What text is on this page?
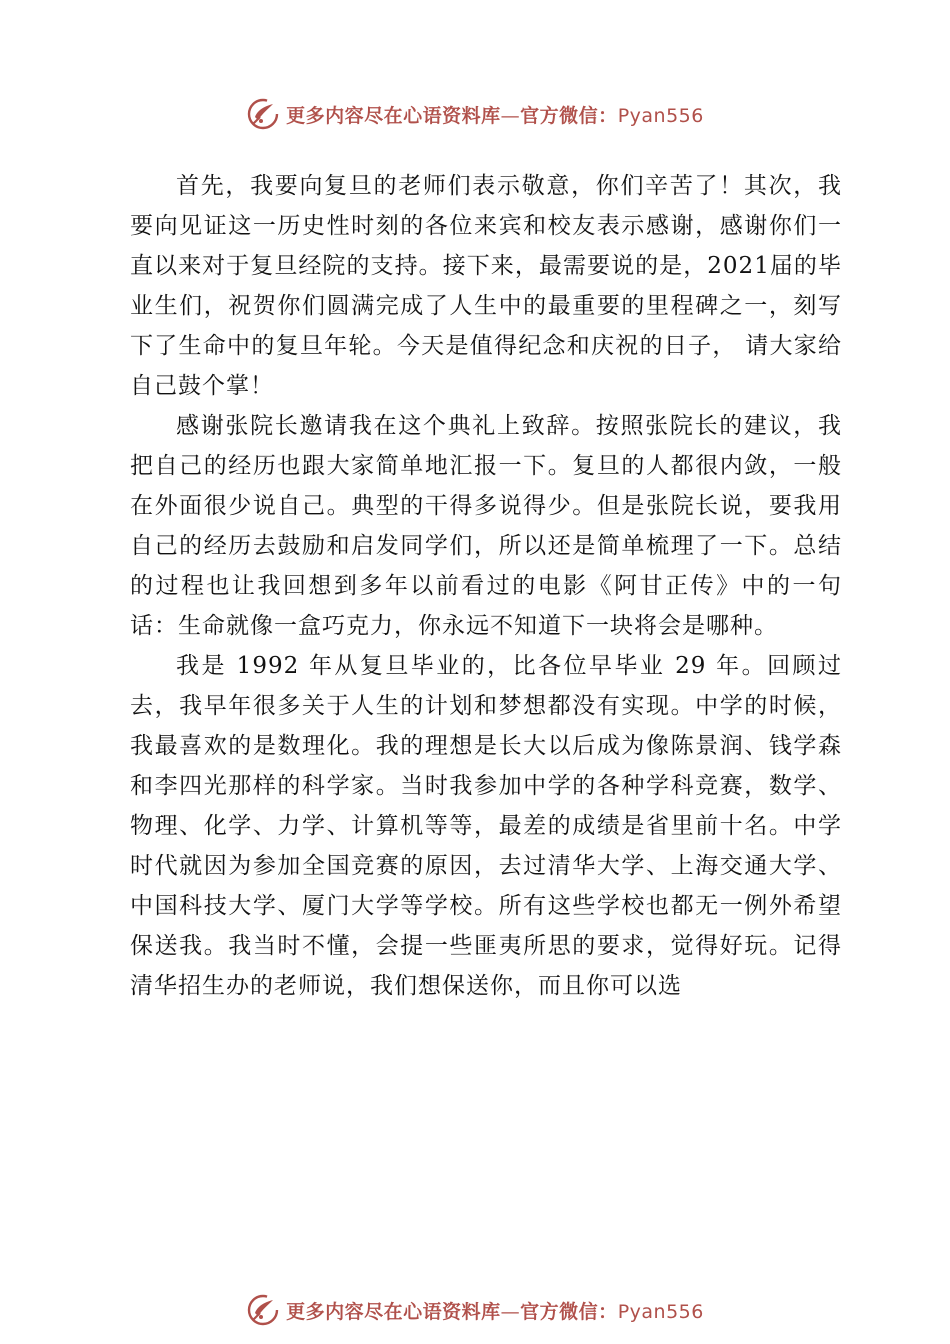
更多内容尽在心语资料库—官方微信：Pyan556

首先，我要向复旦的老师们表示敬意，你们辛苦了！其次，我要向见证这一历史性时刻的各位来宾和校友表示感谢，感谢你们一直以来对于复旦经院的支持。接下来，最需要说的是，2021届的毕业生们，祝贺你们圆满完成了人生中的最重要的里程碑之一，刻写下了生命中的复旦年轮。今天是值得纪念和庆祝的日子， 请大家给自己鼓个掌！

感谢张院长邀请我在这个典礼上致辞。按照张院长的建议，我把自己的经历也跟大家简单地汇报一下。复旦的人都很内敛，一般在外面很少说自己。典型的干得多说得少。但是张院长说，要我用自己的经历去鼓励和启发同学们，所以还是简单梳理了一下。总结的过程也让我回想到多年以前看过的电影《阿甘正传》中的一句话：生命就像一盒巧克力，你永远不知道下一块将会是哪种。

我是 1992 年从复旦毕业的，比各位早毕业 29 年。回顾过去，我早年很多关于人生的计划和梦想都没有实现。中学的时候，我最喜欢的是数理化。我的理想是长大以后成为像陈景润、钱学森和李四光那样的科学家。当时我参加中学的各种学科竞赛，数学、物理、化学、力学、计算机等等，最差的成绩是省里前十名。中学时代就因为参加全国竞赛的原因，去过清华大学、上海交通大学、中国科技大学、厦门大学等学校。所有这些学校也都无一例外希望保送我。我当时不懂，会提一些匪夷所思的要求，觉得好玩。记得清华招生办的老师说，我们想保送你，而且你可以选

更多内容尽在心语资料库—官方微信：Pyan556
